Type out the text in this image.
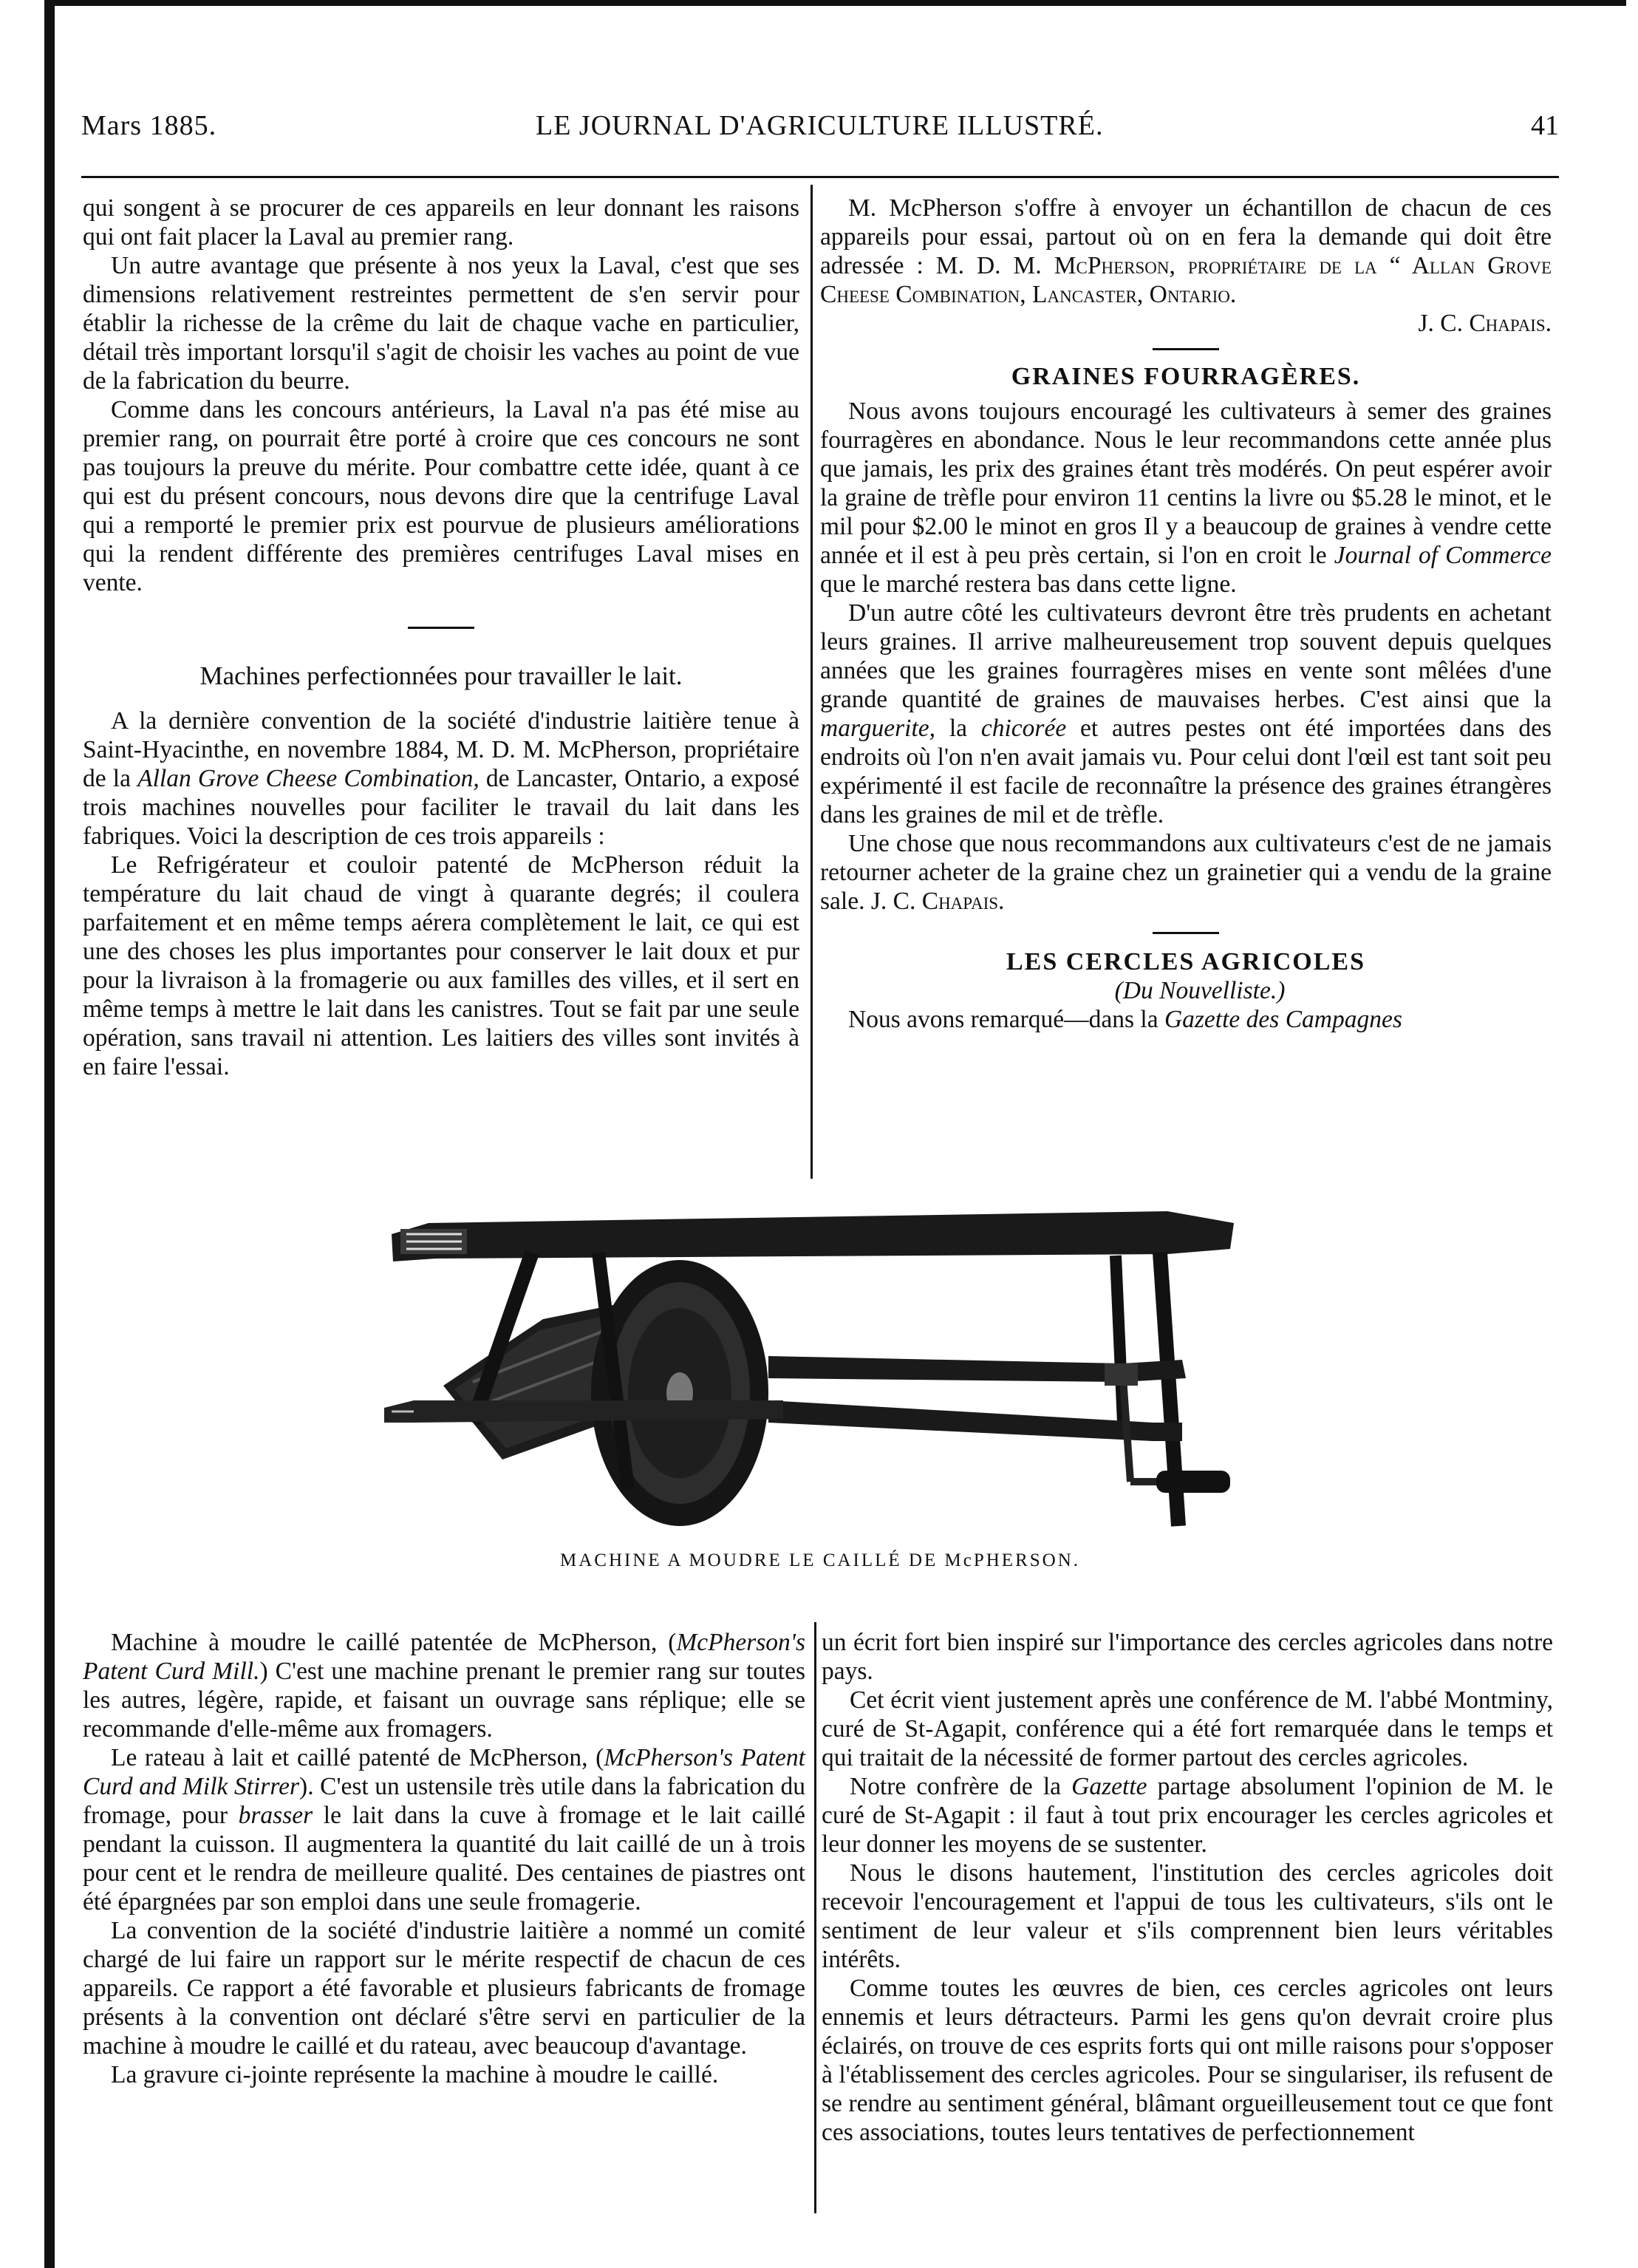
Mars 1885.	LE JOURNAL D'AGRICULTURE ILLUSTRÉ.	41

qui songent à se procurer de ces appareils en leur donnant les raisons qui ont fait placer la Laval au premier rang.

Un autre avantage que présente à nos yeux la Laval, c'est que ses dimensions relativement restreintes permettent de s'en servir pour établir la richesse de la crême du lait de chaque vache en particulier, détail très important lorsqu'il s'agit de choisir les vaches au point de vue de la fabrication du beurre.

Comme dans les concours antérieurs, la Laval n'a pas été mise au premier rang, on pourrait être porté à croire que ces concours ne sont pas toujours la preuve du mérite. Pour combattre cette idée, quant à ce qui est du présent concours, nous devons dire que la centrifuge Laval qui a remporté le premier prix est pourvue de plusieurs améliorations qui la rendent différente des premières centrifuges Laval mises en vente.

Machines perfectionnées pour travailler le lait.

A la dernière convention de la société d'industrie laitière tenue à Saint-Hyacinthe, en novembre 1884, M. D. M. McPherson, propriétaire de la Allan Grove Cheese Combination, de Lancaster, Ontario, a exposé trois machines nouvelles pour faciliter le travail du lait dans les fabriques. Voici la description de ces trois appareils :

Le Refrigérateur et couloir patenté de McPherson réduit la température du lait chaud de vingt à quarante degrés; il coulera parfaitement et en même temps aérera complètement le lait, ce qui est une des choses les plus importantes pour conserver le lait doux et pur pour la livraison à la fromagerie ou aux familles des villes, et il sert en même temps à mettre le lait dans les canistres. Tout se fait par une seule opération, sans travail ni attention. Les laitiers des villes sont invités à en faire l'essai.

M. McPherson s'offre à envoyer un échantillon de chacun de ces appareils pour essai, partout où on en fera la demande qui doit être adressée : M. D. M. McPherson, propriétaire de la “ Allan Grove Cheese Combination, Lancaster, Ontario.

J. C. Chapais.

GRAINES FOURRAGÈRES.

Nous avons toujours encouragé les cultivateurs à semer des graines fourragères en abondance. Nous le leur recommandons cette année plus que jamais, les prix des graines étant très modérés. On peut espérer avoir la graine de trèfle pour environ 11 centins la livre ou $5.28 le minot, et le mil pour $2.00 le minot en gros Il y a beaucoup de graines à vendre cette année et il est à peu près certain, si l'on en croit le Journal of Commerce que le marché restera bas dans cette ligne.

D'un autre côté les cultivateurs devront être très prudents en achetant leurs graines. Il arrive malheureusement trop souvent depuis quelques années que les graines fourragères mises en vente sont mêlées d'une grande quantité de graines de mauvaises herbes. C'est ainsi que la marguerite, la chicorée et autres pestes ont été importées dans des endroits où l'on n'en avait jamais vu. Pour celui dont l'œil est tant soit peu expérimenté il est facile de reconnaître la présence des graines étrangères dans les graines de mil et de trèfle.

Une chose que nous recommandons aux cultivateurs c'est de ne jamais retourner acheter de la graine chez un grainetier qui a vendu de la graine sale. J. C. Chapais.

LES CERCLES AGRICOLES

(Du Nouvelliste.)

Nous avons remarqué—dans la Gazette des Campagnes

MACHINE A MOUDRE LE CAILLÉ DE McPHERSON.

Machine à moudre le caillé patentée de McPherson, (McPherson's Patent Curd Mill.) C'est une machine prenant le premier rang sur toutes les autres, légère, rapide, et faisant un ouvrage sans réplique; elle se recommande d'elle-même aux fromagers.

Le rateau à lait et caillé patenté de McPherson, (McPherson's Patent Curd and Milk Stirrer). C'est un ustensile très utile dans la fabrication du fromage, pour brasser le lait dans la cuve à fromage et le lait caillé pendant la cuisson. Il augmentera la quantité du lait caillé de un à trois pour cent et le rendra de meilleure qualité. Des centaines de piastres ont été épargnées par son emploi dans une seule fromagerie.

La convention de la société d'industrie laitière a nommé un comité chargé de lui faire un rapport sur le mérite respectif de chacun de ces appareils. Ce rapport a été favorable et plusieurs fabricants de fromage présents à la convention ont déclaré s'être servi en particulier de la machine à moudre le caillé et du rateau, avec beaucoup d'avantage.

La gravure ci-jointe représente la machine à moudre le caillé.

un écrit fort bien inspiré sur l'importance des cercles agricoles dans notre pays.

Cet écrit vient justement après une conférence de M. l'abbé Montminy, curé de St-Agapit, conférence qui a été fort remarquée dans le temps et qui traitait de la nécessité de former partout des cercles agricoles.

Notre confrère de la Gazette partage absolument l'opinion de M. le curé de St-Agapit : il faut à tout prix encourager les cercles agricoles et leur donner les moyens de se sustenter.

Nous le disons hautement, l'institution des cercles agricoles doit recevoir l'encouragement et l'appui de tous les cultivateurs, s'ils ont le sentiment de leur valeur et s'ils comprennent bien leurs véritables intérêts.

Comme toutes les œuvres de bien, ces cercles agricoles ont leurs ennemis et leurs détracteurs. Parmi les gens qu'on devrait croire plus éclairés, on trouve de ces esprits forts qui ont mille raisons pour s'opposer à l'établissement des cercles agricoles. Pour se singulariser, ils refusent de se rendre au sentiment général, blâmant orgueilleusement tout ce que font ces associations, toutes leurs tentatives de perfectionnement
